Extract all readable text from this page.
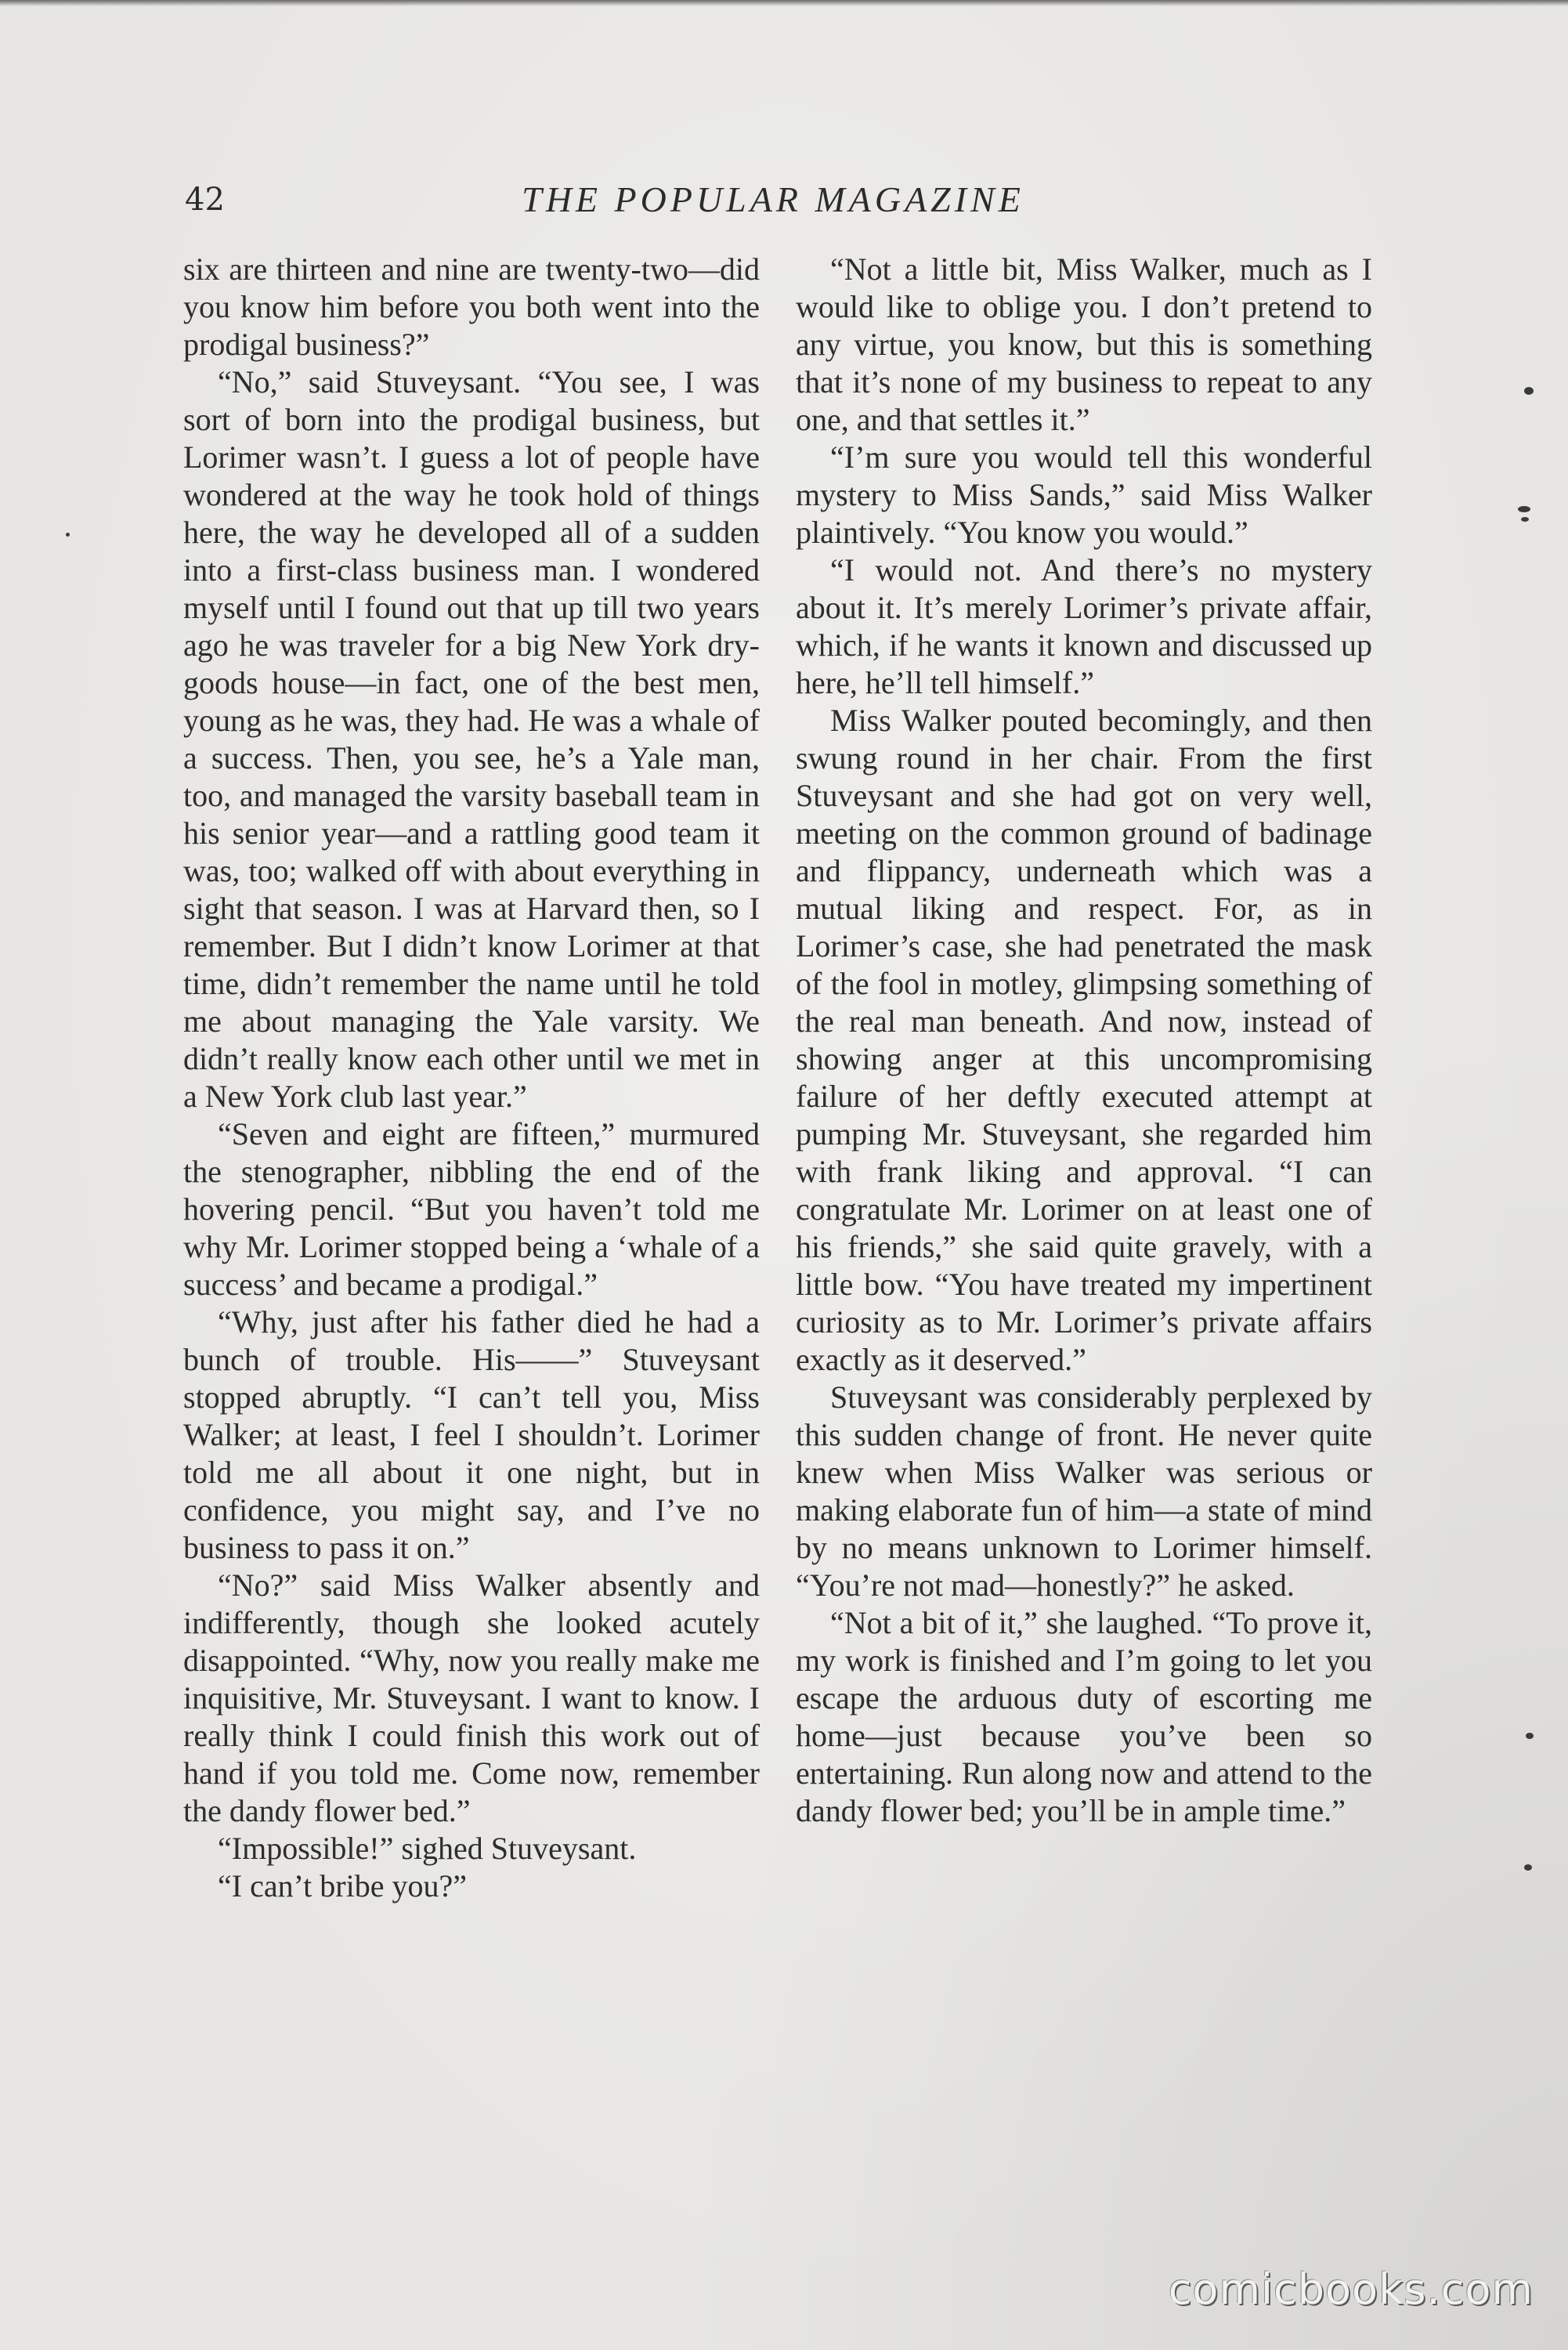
42	THE POPULAR MAGAZINE

six are thirteen and nine are twenty-two—did you know him before you both went into the prodigal business?”

“No,” said Stuveysant. “You see, I was sort of born into the prodigal business, but Lorimer wasn’t. I guess a lot of people have wondered at the way he took hold of things here, the way he developed all of a sudden into a first-class business man. I wondered myself until I found out that up till two years ago he was traveler for a big New York dry-goods house—in fact, one of the best men, young as he was, they had. He was a whale of a success. Then, you see, he’s a Yale man, too, and managed the varsity baseball team in his senior year—and a rattling good team it was, too; walked off with about everything in sight that season. I was at Harvard then, so I remember. But I didn’t know Lorimer at that time, didn’t remember the name until he told me about managing the Yale varsity. We didn’t really know each other until we met in a New York club last year.”

“Seven and eight are fifteen,” murmured the stenographer, nibbling the end of the hovering pencil. “But you haven’t told me why Mr. Lorimer stopped being a ‘whale of a success’ and became a prodigal.”

“Why, just after his father died he had a bunch of trouble. His——” Stuveysant stopped abruptly. “I can’t tell you, Miss Walker; at least, I feel I shouldn’t. Lorimer told me all about it one night, but in confidence, you might say, and I’ve no business to pass it on.”

“No?” said Miss Walker absently and indifferently, though she looked acutely disappointed. “Why, now you really make me inquisitive, Mr. Stuveysant. I want to know. I really think I could finish this work out of hand if you told me. Come now, remember the dandy flower bed.”

“Impossible!” sighed Stuveysant.

“I can’t bribe you?”

“Not a little bit, Miss Walker, much as I would like to oblige you. I don’t pretend to any virtue, you know, but this is something that it’s none of my business to repeat to any one, and that settles it.”

“I’m sure you would tell this wonderful mystery to Miss Sands,” said Miss Walker plaintively. “You know you would.”

“I would not. And there’s no mystery about it. It’s merely Lorimer’s private affair, which, if he wants it known and discussed up here, he’ll tell himself.”

Miss Walker pouted becomingly, and then swung round in her chair. From the first Stuveysant and she had got on very well, meeting on the common ground of badinage and flippancy, underneath which was a mutual liking and respect. For, as in Lorimer’s case, she had penetrated the mask of the fool in motley, glimpsing something of the real man beneath. And now, instead of showing anger at this uncompromising failure of her deftly executed attempt at pumping Mr. Stuveysant, she regarded him with frank liking and approval. “I can congratulate Mr. Lorimer on at least one of his friends,” she said quite gravely, with a little bow. “You have treated my impertinent curiosity as to Mr. Lorimer’s private affairs exactly as it deserved.”

Stuveysant was considerably perplexed by this sudden change of front. He never quite knew when Miss Walker was serious or making elaborate fun of him—a state of mind by no means unknown to Lorimer himself. “You’re not mad—honestly?” he asked.

“Not a bit of it,” she laughed. “To prove it, my work is finished and I’m going to let you escape the arduous duty of escorting me home—just because you’ve been so entertaining. Run along now and attend to the dandy flower bed; you’ll be in ample time.”

comicbooks.com
